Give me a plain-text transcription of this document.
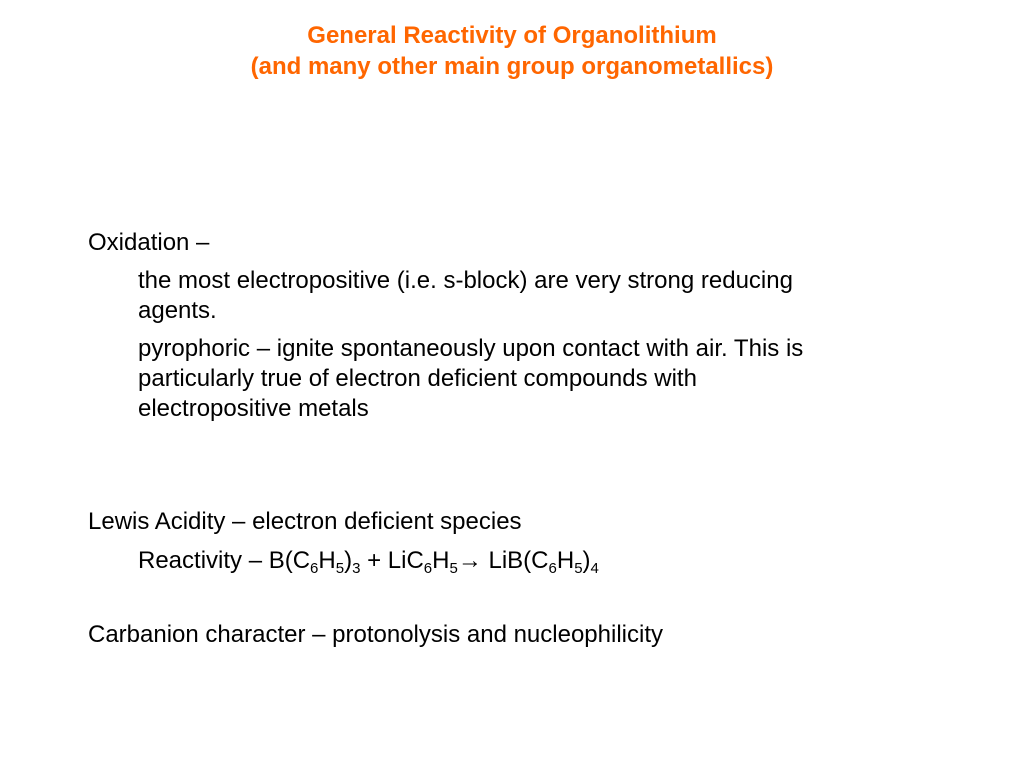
General Reactivity of Organolithium
(and many other main group organometallics)
Oxidation –
the most electropositive (i.e. s-block) are very strong reducing
agents.
pyrophoric – ignite spontaneously upon contact with air. This is
particularly true of electron deficient compounds with
electropositive metals
Lewis Acidity – electron deficient species
Reactivity – $B(C_6H_5)_3 + LiC_6H_5\to LiB(C_6H_5)_4$
Carbanion character – protonolysis and nucleophilicity
